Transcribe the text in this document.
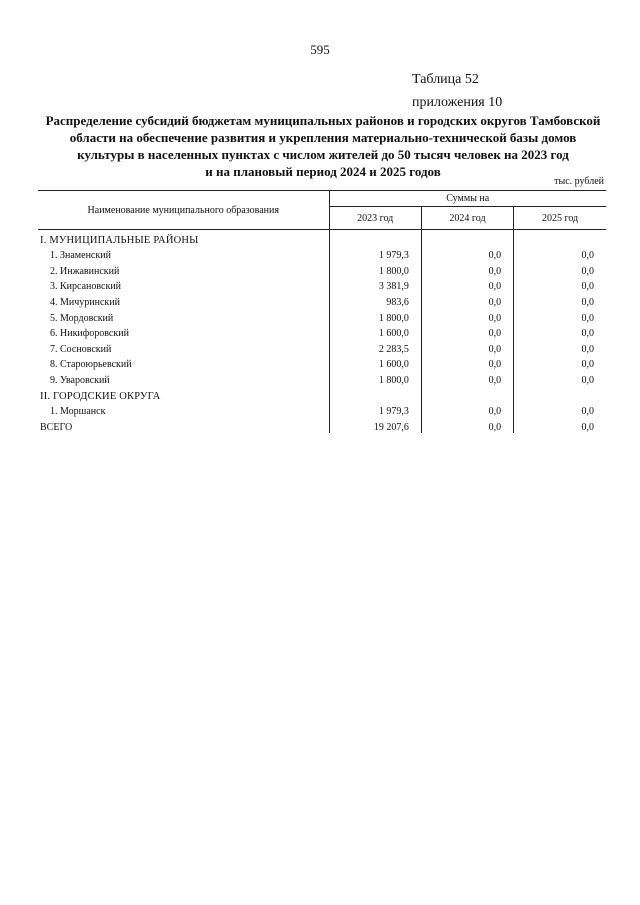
595
Таблица 52
приложения 10
Распределение субсидий бюджетам муниципальных районов и городских округов Тамбовской
области на обеспечение развития и укрепления материально-технической базы домов
культуры в населенных пунктах с числом жителей до 50 тысяч человек на 2023 год
и на плановый период 2024 и 2025 годов
тыс. рублей
Наименование муниципального образования	Суммы на		
	2023 год	2024 год	2025 год
I. МУНИЦИПАЛЬНЫЕ РАЙОНЫ			
1. Знаменский	1 979,3	0,0	0,0
2. Инжавинский	1 800,0	0,0	0,0
3. Кирсановский	3 381,9	0,0	0,0
4. Мичуринский	983,6	0,0	0,0
5. Мордовский	1 800,0	0,0	0,0
6. Никифоровский	1 600,0	0,0	0,0
7. Сосновский	2 283,5	0,0	0,0
8. Староюрьевский	1 600,0	0,0	0,0
9. Уваровский	1 800,0	0,0	0,0
II. ГОРОДСКИЕ ОКРУГА			
1. Моршанск	1 979,3	0,0	0,0
ВСЕГО	19 207,6	0,0	0,0
